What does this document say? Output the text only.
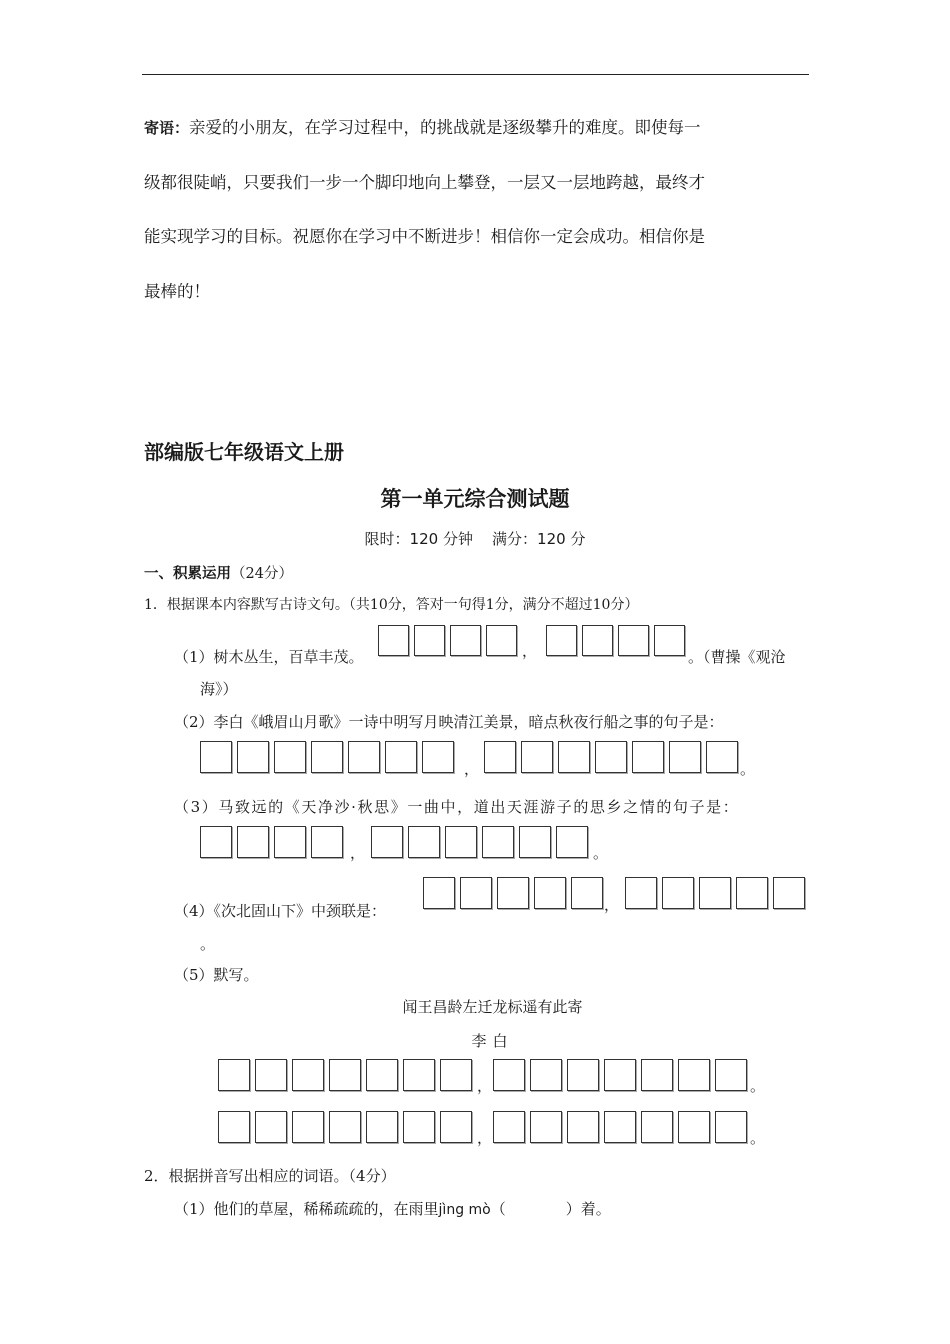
寄语：亲爱的小朋友，在学习过程中，的挑战就是逐级攀升的难度。即使每一
级都很陡峭，只要我们一步一个脚印地向上攀登，一层又一层地跨越，最终才
能实现学习的目标。祝愿你在学习中不断进步！相信你一定会成功。相信你是
最棒的！
部编版七年级语文上册
第一单元综合测试题
限时：120 分钟 满分：120 分
一、积累运用（24分）
1．根据课本内容默写古诗文句。（共10分，答对一句得1分，满分不超过10分）
（1）树木丛生，百草丰茂。	，	。（曹操《观沧
海》）
（2）李白《峨眉山月歌》一诗中明写月映清江美景，暗点秋夜行船之事的句子是：
，	。
（3）马致远的《天净沙·秋思》一曲中，道出天涯游子的思乡之情的句子是：
，	。
（4）《次北固山下》中颈联是：	，
。
（5）默写。
闻王昌龄左迁龙标遥有此寄
李白
，	。
，	。
2．根据拼音写出相应的词语。（4分）
（1）他们的草屋，稀稀疏疏的，在雨里jìng mò（　　　　）着。
